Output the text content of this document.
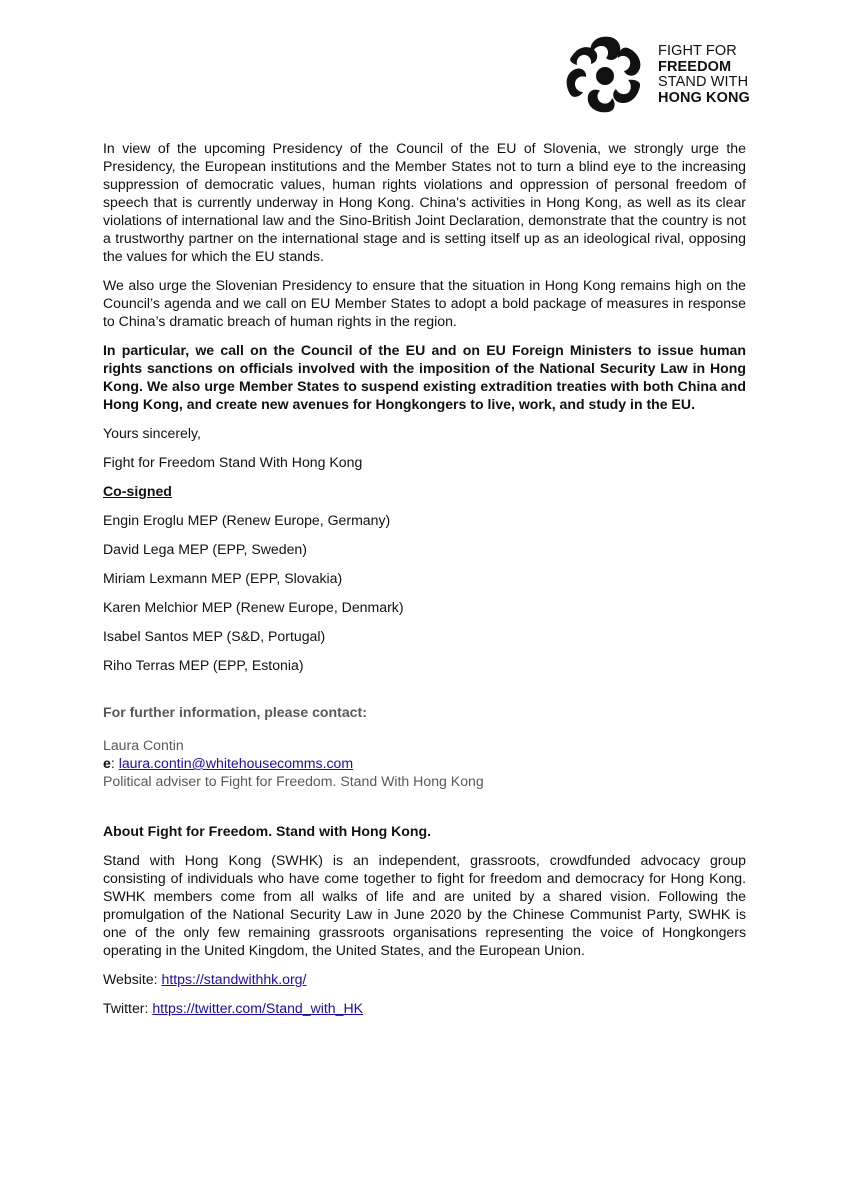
FIGHT FOR
FREEDOM
STAND WITH
HONG KONG

In view of the upcoming Presidency of the Council of the EU of Slovenia, we strongly urge the Presidency, the European institutions and the Member States not to turn a blind eye to the increasing suppression of democratic values, human rights violations and oppression of personal freedom of speech that is currently underway in Hong Kong. China's activities in Hong Kong, as well as its clear violations of international law and the Sino-British Joint Declaration, demonstrate that the country is not a trustworthy partner on the international stage and is setting itself up as an ideological rival, opposing the values for which the EU stands.

We also urge the Slovenian Presidency to ensure that the situation in Hong Kong remains high on the Council’s agenda and we call on EU Member States to adopt a bold package of measures in response to China’s dramatic breach of human rights in the region.

In particular, we call on the Council of the EU and on EU Foreign Ministers to issue human rights sanctions on officials involved with the imposition of the National Security Law in Hong Kong. We also urge Member States to suspend existing extradition treaties with both China and Hong Kong, and create new avenues for Hongkongers to live, work, and study in the EU.

Yours sincerely,

Fight for Freedom Stand With Hong Kong

Co-signed

Engin Eroglu MEP (Renew Europe, Germany)

David Lega MEP (EPP, Sweden)

Miriam Lexmann MEP (EPP, Slovakia)

Karen Melchior MEP (Renew Europe, Denmark)

Isabel Santos MEP (S&D, Portugal)

Riho Terras MEP (EPP, Estonia)

For further information, please contact:

Laura Contin

e: laura.contin@whitehousecomms.com

Political adviser to Fight for Freedom. Stand With Hong Kong

About Fight for Freedom. Stand with Hong Kong.

Stand with Hong Kong (SWHK) is an independent, grassroots, crowdfunded advocacy group consisting of individuals who have come together to fight for freedom and democracy for Hong Kong. SWHK members come from all walks of life and are united by a shared vision. Following the promulgation of the National Security Law in June 2020 by the Chinese Communist Party, SWHK is one of the only few remaining grassroots organisations representing the voice of Hongkongers operating in the United Kingdom, the United States, and the European Union.

Website: https://standwithhk.org/

Twitter: https://twitter.com/Stand_with_HK
